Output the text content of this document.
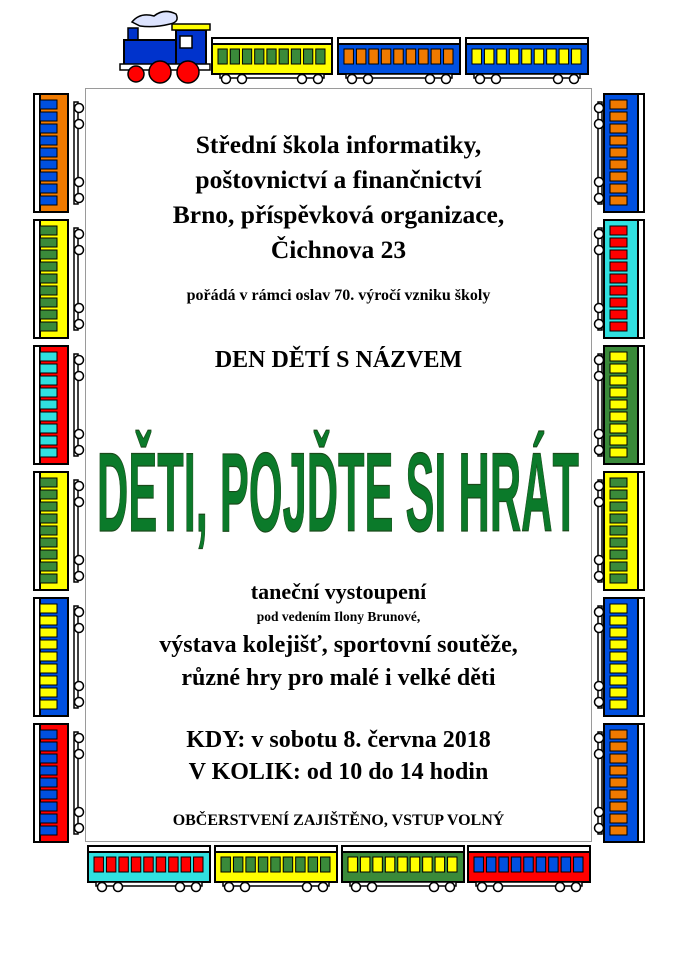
Střední škola informatiky,
poštovnictví a finančnictví
Brno, příspěvková organizace,
Čichnova 23
pořádá v rámci oslav 70. výročí vzniku školy
DEN DĚTÍ S NÁZVEM
DĚTI, POJĎTE SI HRÁT
taneční vystoupení
pod vedením Ilony Brunové,
výstava kolejišť, sportovní soutěže,
různé hry pro malé i velké děti
KDY: v sobotu 8. června 2018
V KOLIK: od 10 do 14 hodin
OBČERSTVENÍ ZAJIŠTĚNO, VSTUP VOLNÝ
